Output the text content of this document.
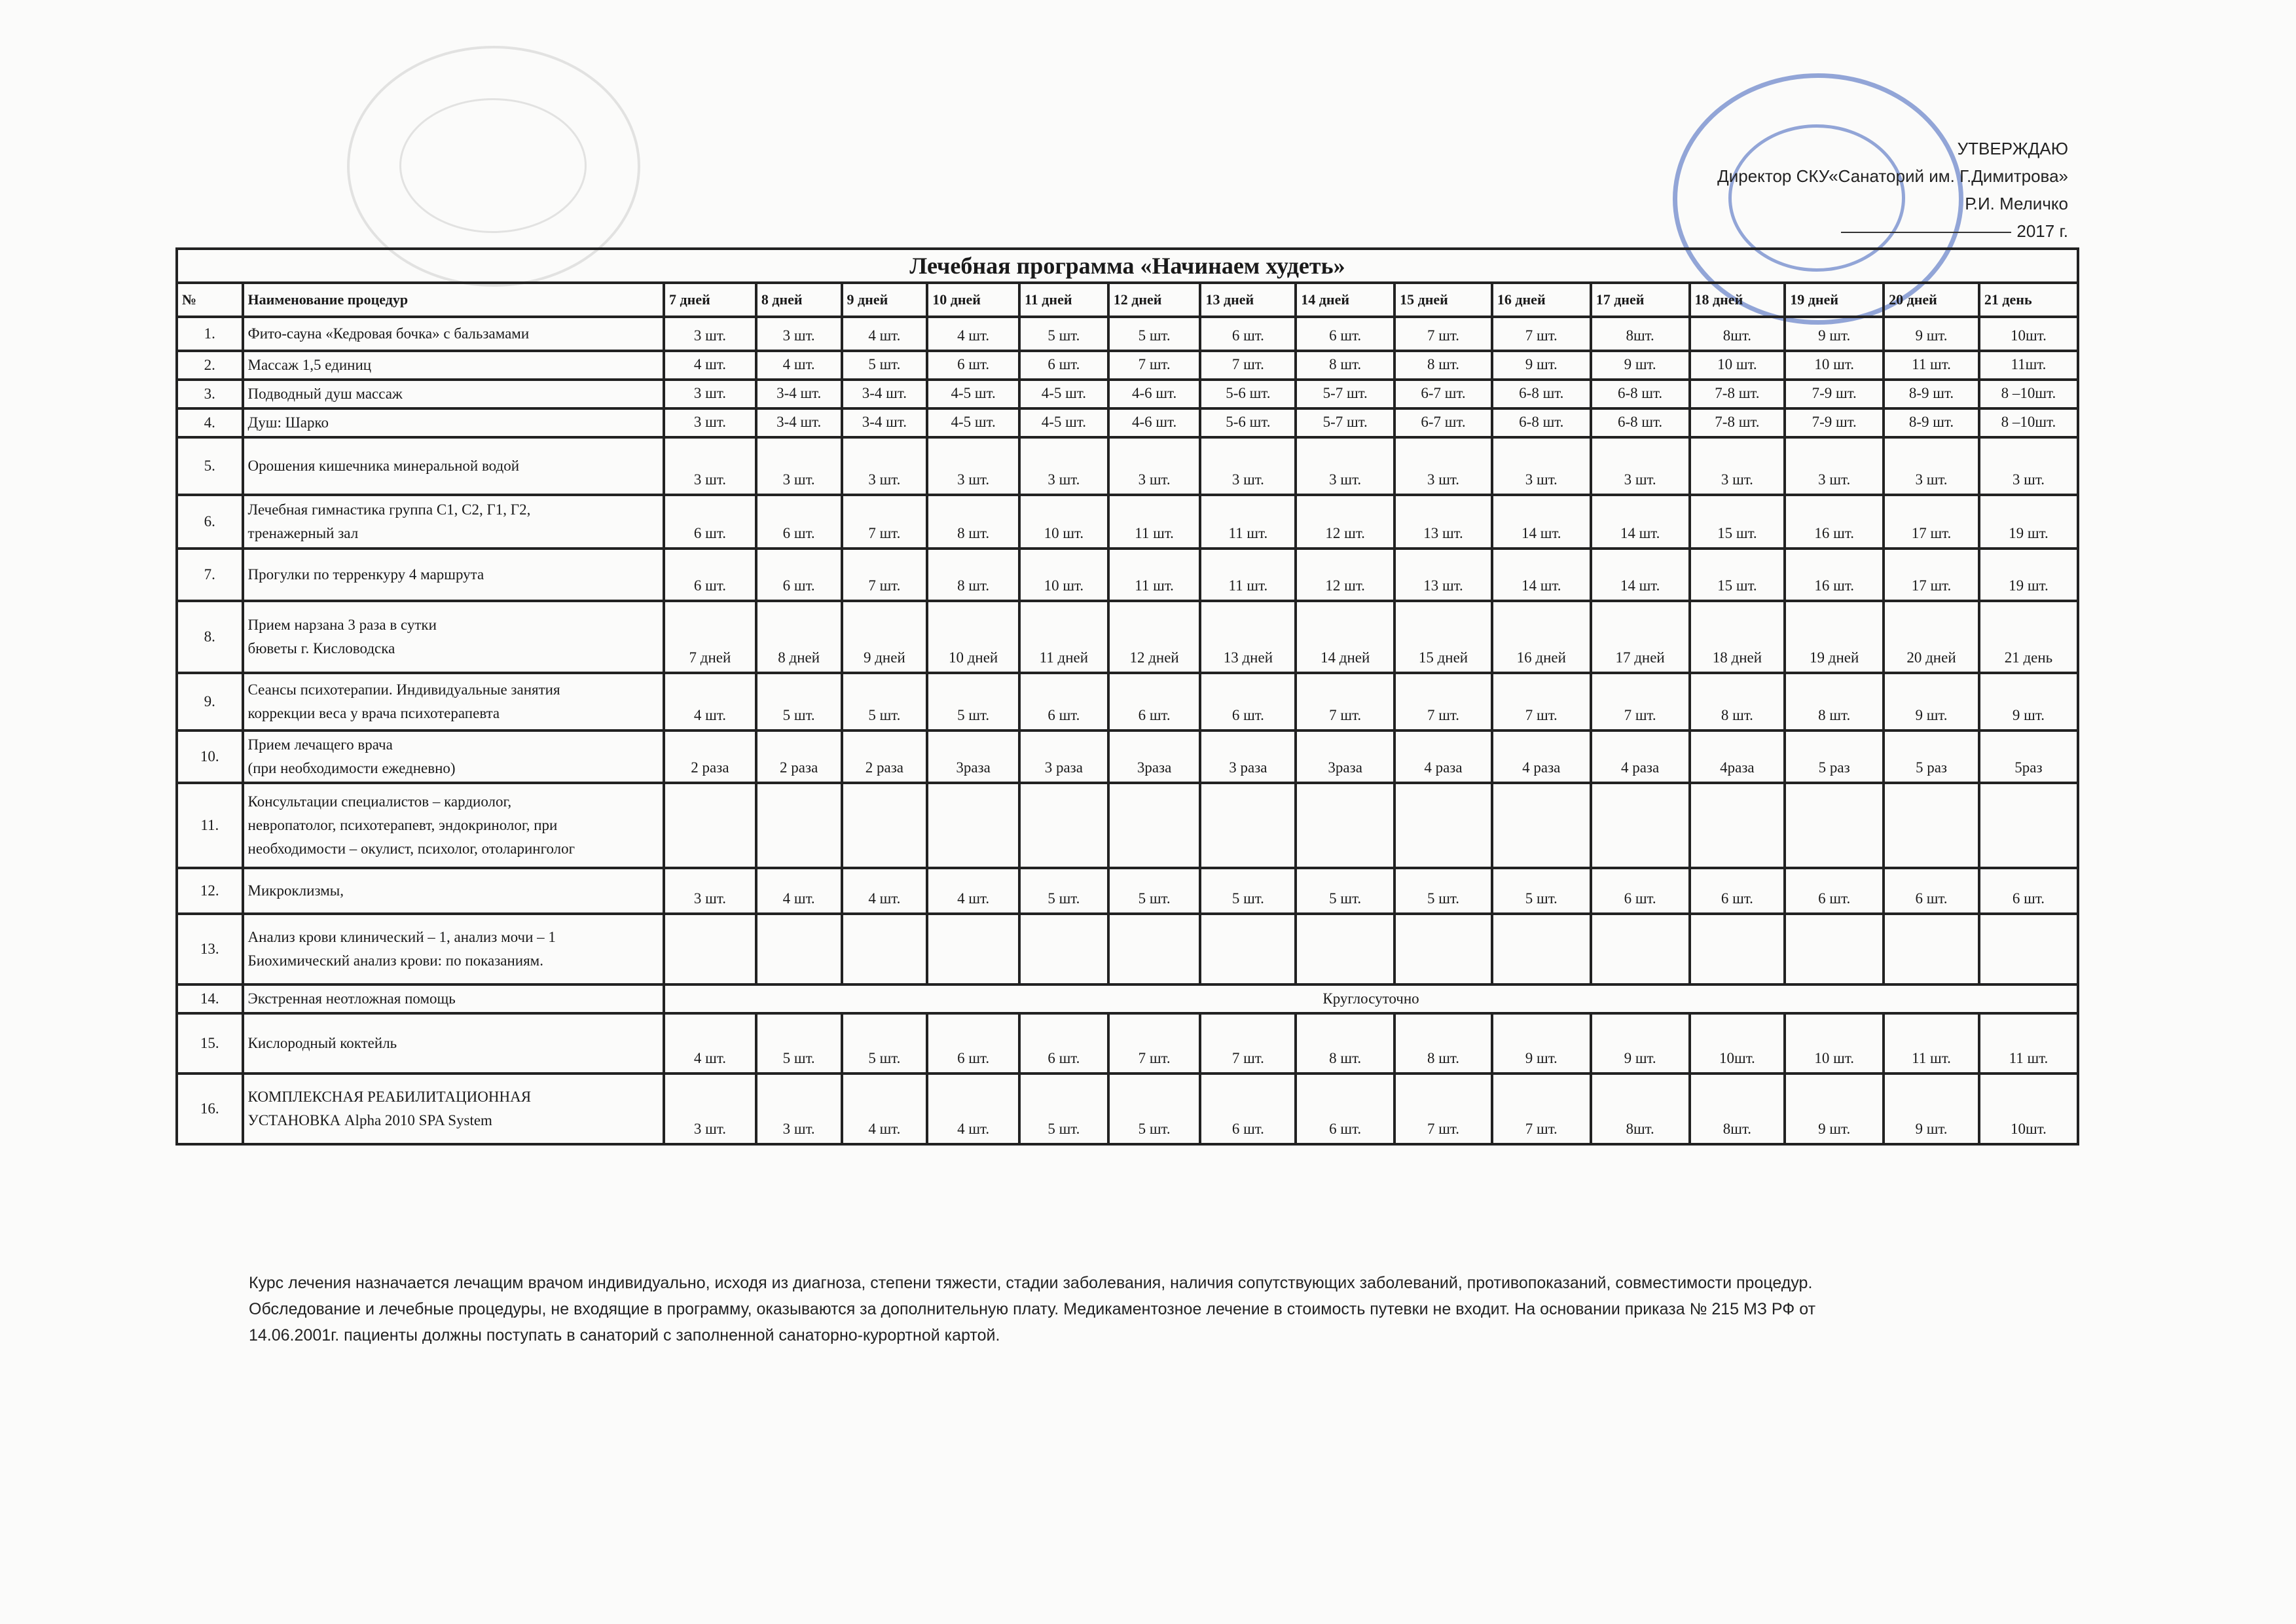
УТВЕРЖДАЮ
Директор СКУ«Санаторий им. Г.Димитрова»
Р.И. Меличко
2017 г.
Лечебная программа «Начинаем худеть»																
№	Наименование процедур	7 дней	8 дней	9 дней	10 дней	11 дней	12 дней	13 дней	14 дней	15 дней	16 дней	17 дней	18 дней	19 дней	20 дней	21 день
1.	Фито-сауна «Кедровая бочка» с бальзамами	3 шт.	3 шт.	4 шт.	4 шт.	5 шт.	5 шт.	6 шт.	6 шт.	7 шт.	7 шт.	8шт.	8шт.	9 шт.	9 шт.	10шт.
2.	Массаж 1,5 единиц	4 шт.	4 шт.	5 шт.	6 шт.	6 шт.	7 шт.	7 шт.	8 шт.	8 шт.	9 шт.	9 шт.	10 шт.	10 шт.	11 шт.	11шт.
3.	Подводный душ массаж	3 шт.	3-4 шт.	3-4 шт.	4-5 шт.	4-5 шт.	4-6 шт.	5-6 шт.	5-7 шт.	6-7 шт.	6-8 шт.	6-8 шт.	7-8 шт.	7-9 шт.	8-9 шт.	8 –10шт.
4.	Душ: Шарко	3 шт.	3-4 шт.	3-4 шт.	4-5 шт.	4-5 шт.	4-6 шт.	5-6 шт.	5-7 шт.	6-7 шт.	6-8 шт.	6-8 шт.	7-8 шт.	7-9 шт.	8-9 шт.	8 –10шт.
5.	Орошения кишечника минеральной водой	3 шт.	3 шт.	3 шт.	3 шт.	3 шт.	3 шт.	3 шт.	3 шт.	3 шт.	3 шт.	3 шт.	3 шт.	3 шт.	3 шт.	3 шт.
6.	Лечебная гимнастика группа С1, С2, Г1, Г2,
тренажерный зал	6 шт.	6 шт.	7 шт.	8 шт.	10 шт.	11 шт.	11 шт.	12 шт.	13 шт.	14 шт.	14 шт.	15 шт.	16 шт.	17 шт.	19 шт.
7.	Прогулки по терренкуру 4 маршрута	6 шт.	6 шт.	7 шт.	8 шт.	10 шт.	11 шт.	11 шт.	12 шт.	13 шт.	14 шт.	14 шт.	15 шт.	16 шт.	17 шт.	19 шт.
8.	Прием нарзана 3 раза в сутки
бюветы г. Кисловодска	7 дней	8 дней	9 дней	10 дней	11 дней	12 дней	13 дней	14 дней	15 дней	16 дней	17 дней	18 дней	19 дней	20 дней	21 день
9.	Сеансы психотерапии. Индивидуальные занятия
коррекции веса у врача психотерапевта	4 шт.	5 шт.	5 шт.	5 шт.	6 шт.	6 шт.	6 шт.	7 шт.	7 шт.	7 шт.	7 шт.	8 шт.	8 шт.	9 шт.	9 шт.
10.	Прием лечащего врача
(при необходимости ежедневно)	2 раза	2 раза	2 раза	3раза	3 раза	3раза	3 раза	3раза	4 раза	4 раза	4 раза	4раза	5 раз	5 раз	5раз
11.	Консультации специалистов – кардиолог,
невропатолог, психотерапевт, эндокринолог, при
необходимости – окулист, психолог, отоларинголог															

12.	Микроклизмы,	3 шт.	4 шт.	4 шт.	4 шт.	5 шт.	5 шт.	5 шт.	5 шт.	5 шт.	5 шт.	6 шт.	6 шт.	6 шт.	6 шт.	6 шт.
13.	Анализ крови клинический – 1, анализ мочи – 1
Биохимический анализ крови: по показаниям.															

14.	Экстренная неотложная помощь	Круглосуточно														
15.	Кислородный коктейль	4 шт.	5 шт.	5 шт.	6 шт.	6 шт.	7 шт.	7 шт.	8 шт.	8 шт.	9 шт.	9 шт.	10шт.	10 шт.	11 шт.	11 шт.
16.	КОМПЛЕКСНАЯ РЕАБИЛИТАЦИОННАЯ
УСТАНОВКА Alpha 2010 SPA System	3 шт.	3 шт.	4 шт.	4 шт.	5 шт.	5 шт.	6 шт.	6 шт.	7 шт.	7 шт.	8шт.	8шт.	9 шт.	9 шт.	10шт.

Курс лечения назначается лечащим врачом индивидуально, исходя из диагноза, степени тяжести, стадии заболевания, наличия сопутствующих заболеваний, противопоказаний, совместимости процедур.

Обследование и лечебные процедуры, не входящие в программу, оказываются за дополнительную плату. Медикаментозное лечение в стоимость путевки не входит. На основании приказа № 215 МЗ РФ от

14.06.2001г. пациенты должны поступать в санаторий с заполненной санаторно-курортной картой.
